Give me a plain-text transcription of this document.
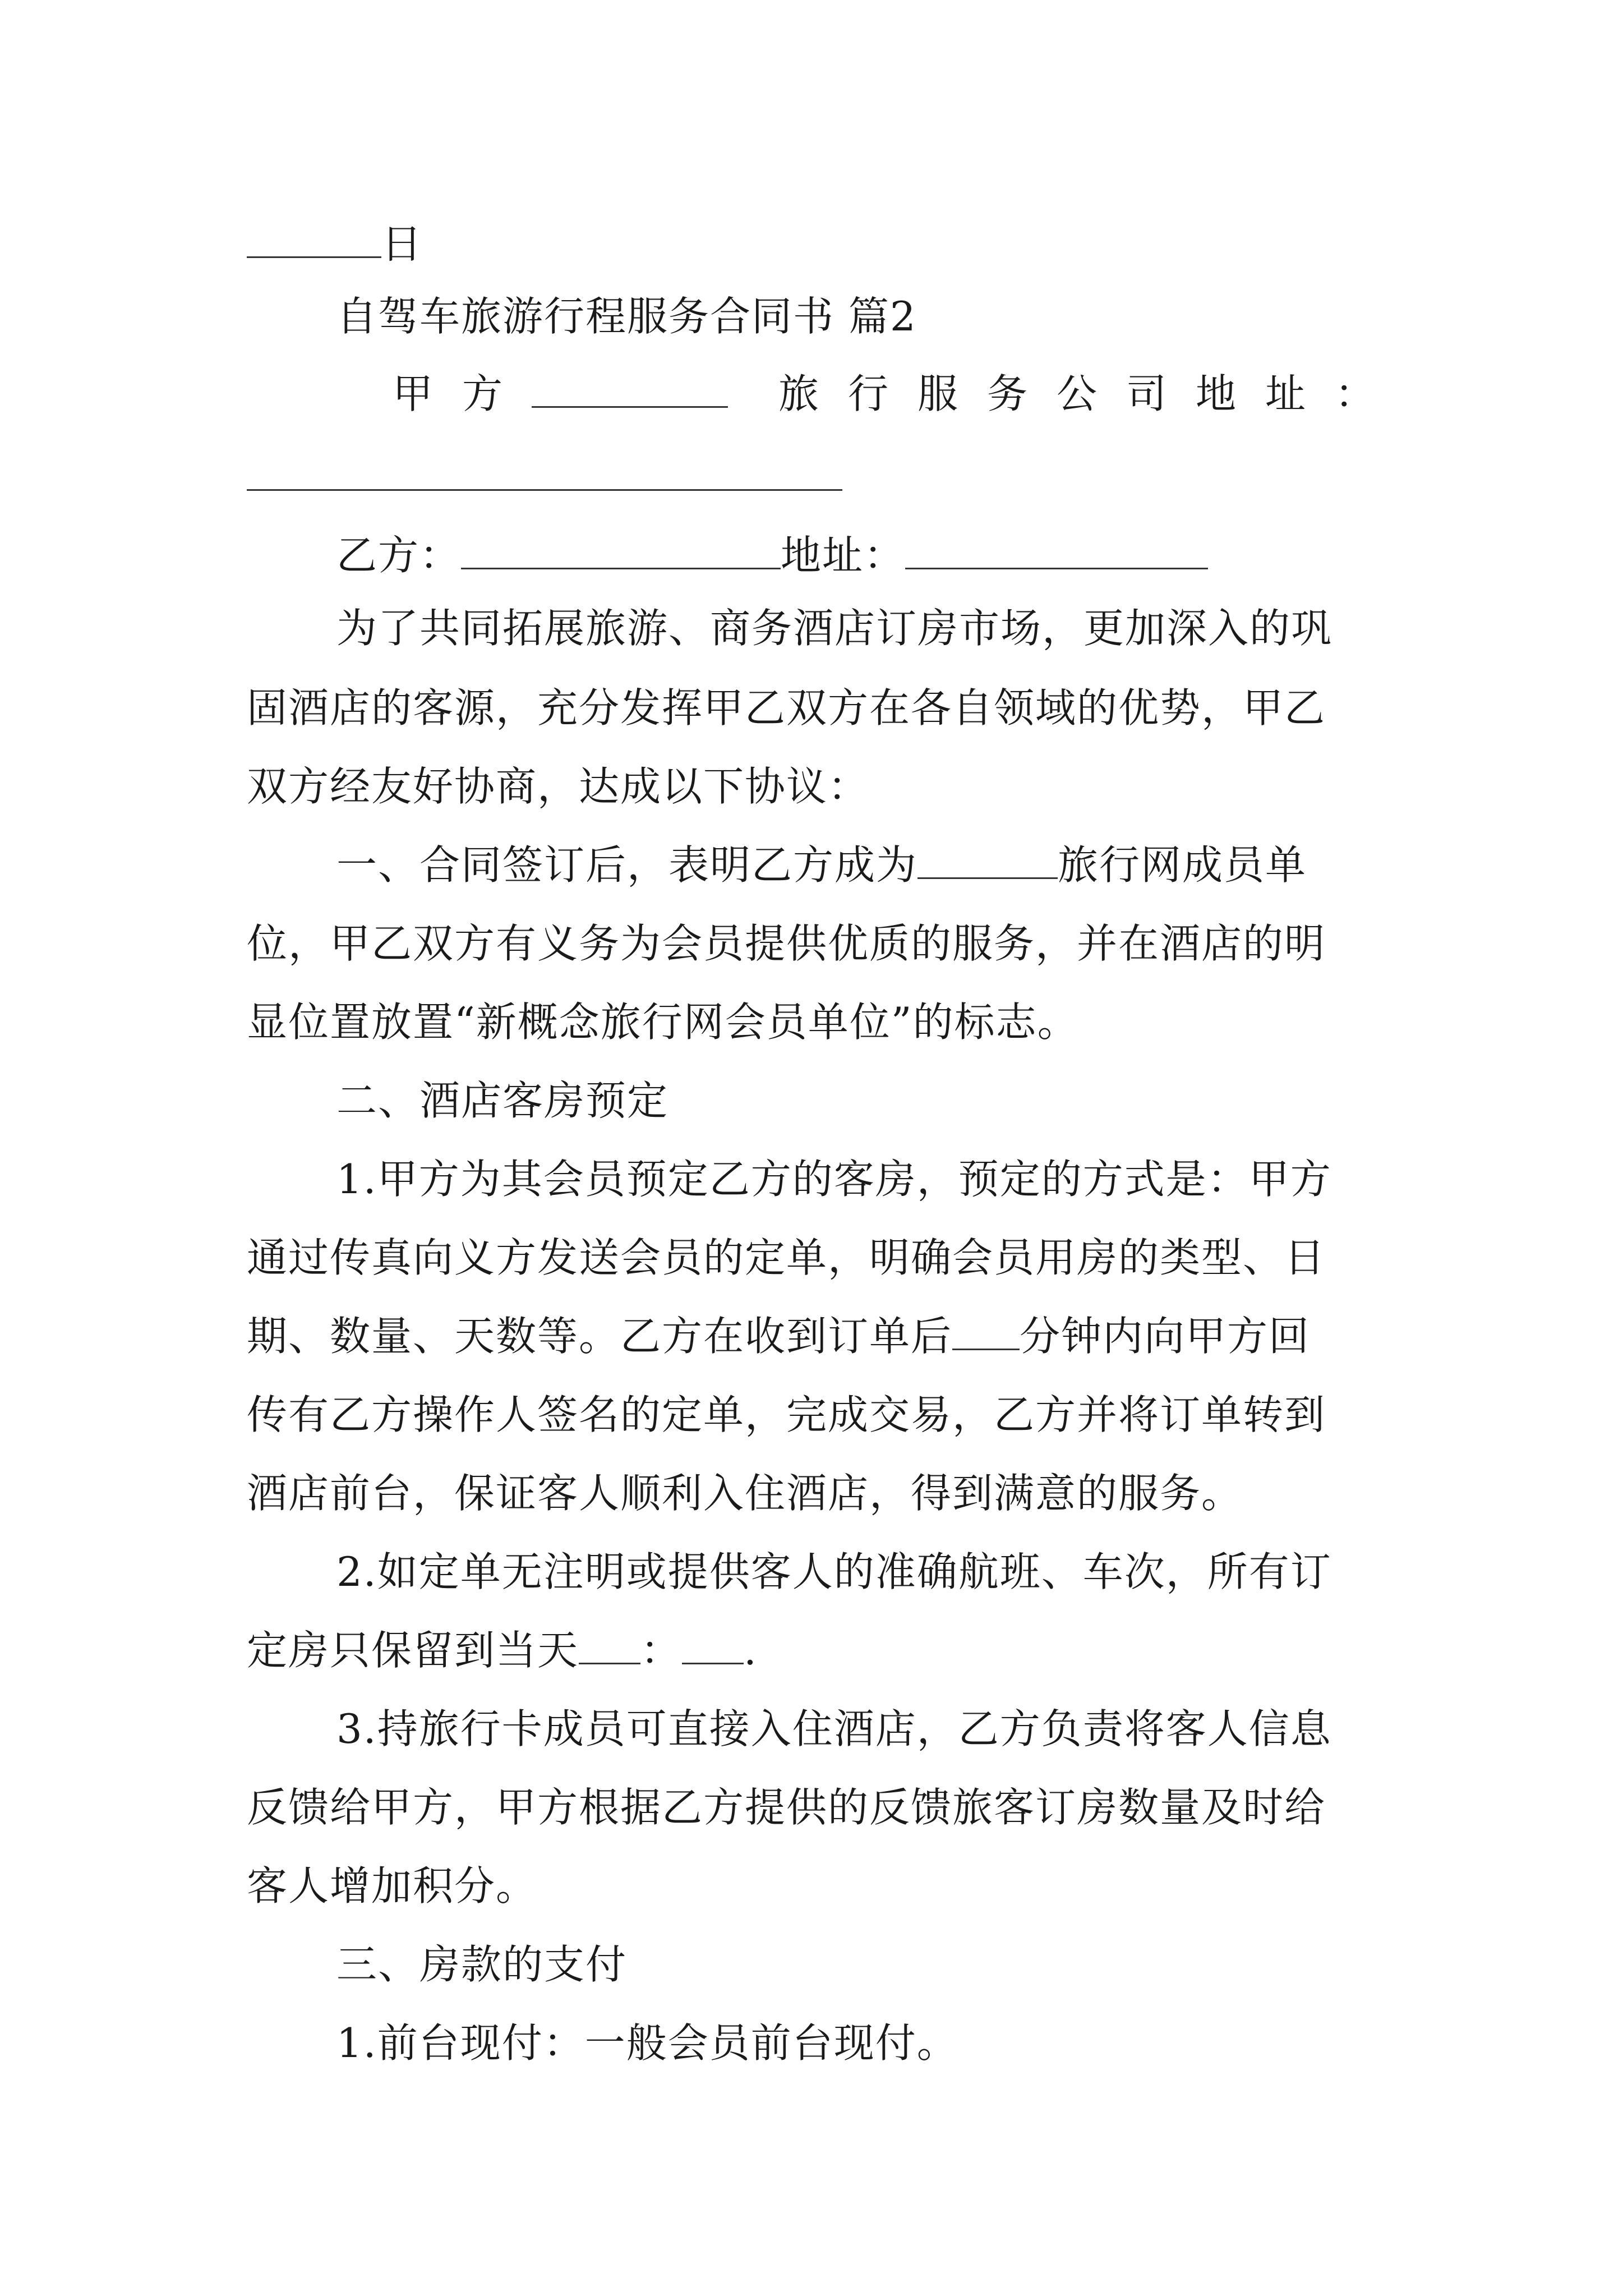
日
自驾车旅游行程服务合同书 篇2
甲方	旅行服务公司地址：
乙方：	地址：
为了共同拓展旅游、商务酒店订房市场，更加深入的巩
固酒店的客源，充分发挥甲乙双方在各自领域的优势，甲乙
双方经友好协商，达成以下协议：
一、合同签订后，表明乙方成为	旅行网成员单
位，甲乙双方有义务为会员提供优质的服务，并在酒店的明
显位置放置“新概念旅行网会员单位”的标志。
二、酒店客房预定
1.甲方为其会员预定乙方的客房，预定的方式是：甲方
通过传真向义方发送会员的定单，明确会员用房的类型、日
期、数量、天数等。乙方在收到订单后 分钟内向甲方回
传有乙方操作人签名的定单，完成交易，乙方并将订单转到
酒店前台，保证客人顺利入住酒店，得到满意的服务。
2.如定单无注明或提供客人的准确航班、车次，所有订
定房只保留到当天 ： .
3.持旅行卡成员可直接入住酒店，乙方负责将客人信息
反馈给甲方，甲方根据乙方提供的反馈旅客订房数量及时给
客人增加积分。
三、房款的支付
1.前台现付：一般会员前台现付。
